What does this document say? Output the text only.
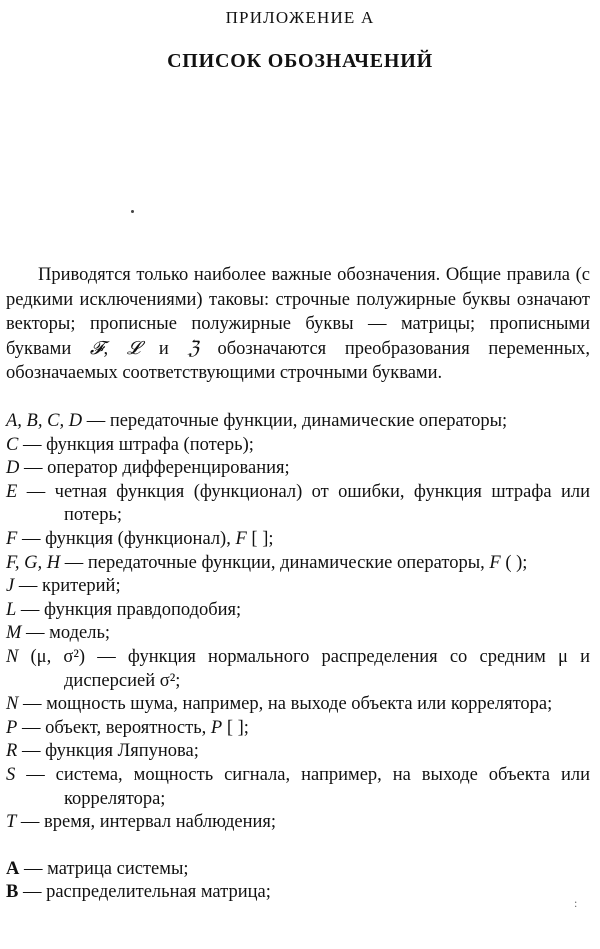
ПРИЛОЖЕНИЕ А
СПИСОК ОБОЗНАЧЕНИЙ

Приводятся только наиболее важные обозначения. Общие правила (с редкими исключениями) таковы: строчные полужирные буквы означают векторы; прописные полужирные буквы — матрицы; прописными буквами 𝓕, 𝓛 и ℨ обозначаются преобразования переменных, обозначаемых соответствующими строчными буквами.

A, B, C, D — передаточные функции, динамические операторы;
C — функция штрафа (потерь);
D — оператор дифференцирования;
E — четная функция (функционал) от ошибки, функция штрафа или потерь;
F — функция (функционал), F [ ];
F, G, H — передаточные функции, динамические операторы, F ( );
J — критерий;
L — функция правдоподобия;
M — модель;
N (μ, σ²) — функция нормального распределения со средним μ и дисперсией σ²;
N — мощность шума, например, на выходе объекта или коррелятора;
P — объект, вероятность, P [ ];
R — функция Ляпунова;
S — система, мощность сигнала, например, на выходе объекта или коррелятора;
T — время, интервал наблюдения;
A — матрица системы;
B — распределительная матрица;
:
